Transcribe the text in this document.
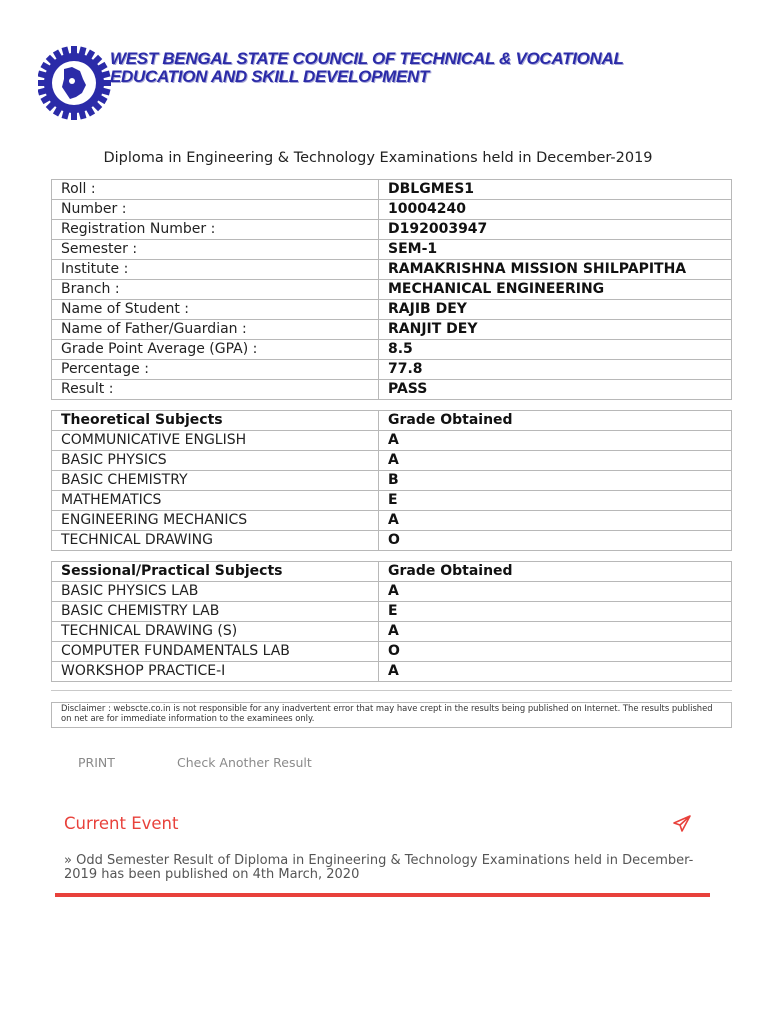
WEST BENGAL STATE COUNCIL OF TECHNICAL & VOCATIONAL
EDUCATION AND SKILL DEVELOPMENT
Diploma in Engineering & Technology Examinations held in December-2019
Roll :	DBLGMES1
Number :	10004240
Registration Number :	D192003947
Semester :	SEM-1
Institute :	RAMAKRISHNA MISSION SHILPAPITHA
Branch :	MECHANICAL ENGINEERING
Name of Student :	RAJIB DEY
Name of Father/Guardian :	RANJIT DEY
Grade Point Average (GPA) :	8.5
Percentage :	77.8
Result :	PASS
Theoretical Subjects	Grade Obtained
COMMUNICATIVE ENGLISH	A
BASIC PHYSICS	A
BASIC CHEMISTRY	B
MATHEMATICS	E
ENGINEERING MECHANICS	A
TECHNICAL DRAWING	O
Sessional/Practical Subjects	Grade Obtained
BASIC PHYSICS LAB	A
BASIC CHEMISTRY LAB	E
TECHNICAL DRAWING (S)	A
COMPUTER FUNDAMENTALS LAB	O
WORKSHOP PRACTICE-I	A
Disclaimer : webscte.co.in is not responsible for any inadvertent error that may have crept in the results being published on Internet. The results published on net are for immediate information to the examinees only.
PRINT	Check Another Result
Current Event
» Odd Semester Result of Diploma in Engineering & Technology Examinations held in December-2019 has been published on 4th March, 2020
